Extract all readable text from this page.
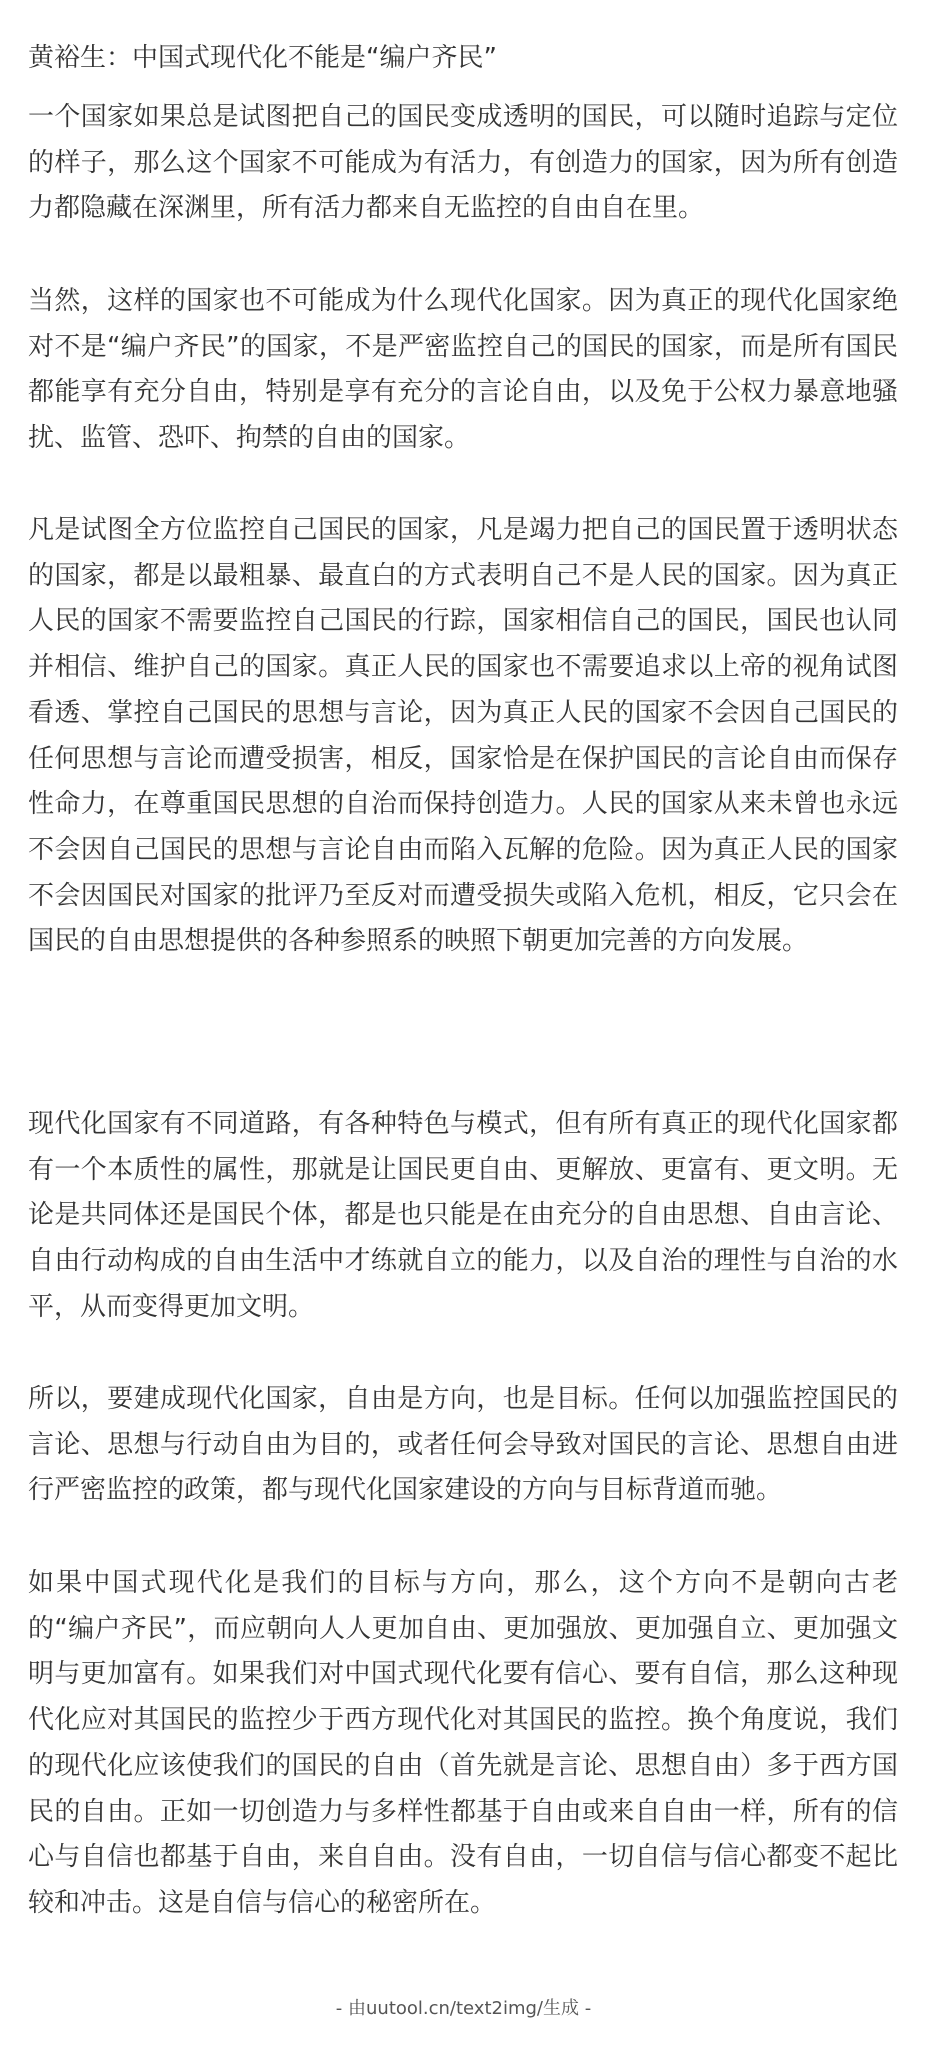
黄裕生：中国式现代化不能是“编户齐民”

一个国家如果总是试图把自己的国民变成透明的国民，可以随时追踪与定位的样子，那么这个国家不可能成为有活力，有创造力的国家，因为所有创造力都隐藏在深渊里，所有活力都来自无监控的自由自在里。

当然，这样的国家也不可能成为什么现代化国家。因为真正的现代化国家绝对不是“编户齐民”的国家，不是严密监控自己的国民的国家，而是所有国民都能享有充分自由，特别是享有充分的言论自由，以及免于公权力暴意地骚扰、监管、恐吓、拘禁的自由的国家。

凡是试图全方位监控自己国民的国家，凡是竭力把自己的国民置于透明状态的国家，都是以最粗暴、最直白的方式表明自己不是人民的国家。因为真正人民的国家不需要监控自己国民的行踪，国家相信自己的国民，国民也认同并相信、维护自己的国家。真正人民的国家也不需要追求以上帝的视角试图看透、掌控自己国民的思想与言论，因为真正人民的国家不会因自己国民的任何思想与言论而遭受损害，相反，国家恰是在保护国民的言论自由而保存性命力，在尊重国民思想的自治而保持创造力。人民的国家从来未曾也永远不会因自己国民的思想与言论自由而陷入瓦解的危险。因为真正人民的国家不会因国民对国家的批评乃至反对而遭受损失或陷入危机，相反，它只会在国民的自由思想提供的各种参照系的映照下朝更加完善的方向发展。

现代化国家有不同道路，有各种特色与模式，但有所有真正的现代化国家都有一个本质性的属性，那就是让国民更自由、更解放、更富有、更文明。无论是共同体还是国民个体，都是也只能是在由充分的自由思想、自由言论、自由行动构成的自由生活中才练就自立的能力，以及自治的理性与自治的水平，从而变得更加文明。

所以，要建成现代化国家，自由是方向，也是目标。任何以加强监控国民的言论、思想与行动自由为目的，或者任何会导致对国民的言论、思想自由进行严密监控的政策，都与现代化国家建设的方向与目标背道而驰。

如果中国式现代化是我们的目标与方向，那么，这个方向不是朝向古老的“编户齐民”，而应朝向人人更加自由、更加强放、更加强自立、更加强文明与更加富有。如果我们对中国式现代化要有信心、要有自信，那么这种现代化应对其国民的监控少于西方现代化对其国民的监控。换个角度说，我们的现代化应该使我们的国民的自由（首先就是言论、思想自由）多于西方国民的自由。正如一切创造力与多样性都基于自由或来自自由一样，所有的信心与自信也都基于自由，来自自由。没有自由，一切自信与信心都变不起比较和冲击。这是自信与信心的秘密所在。

- 由uutool.cn/text2img/生成 -
